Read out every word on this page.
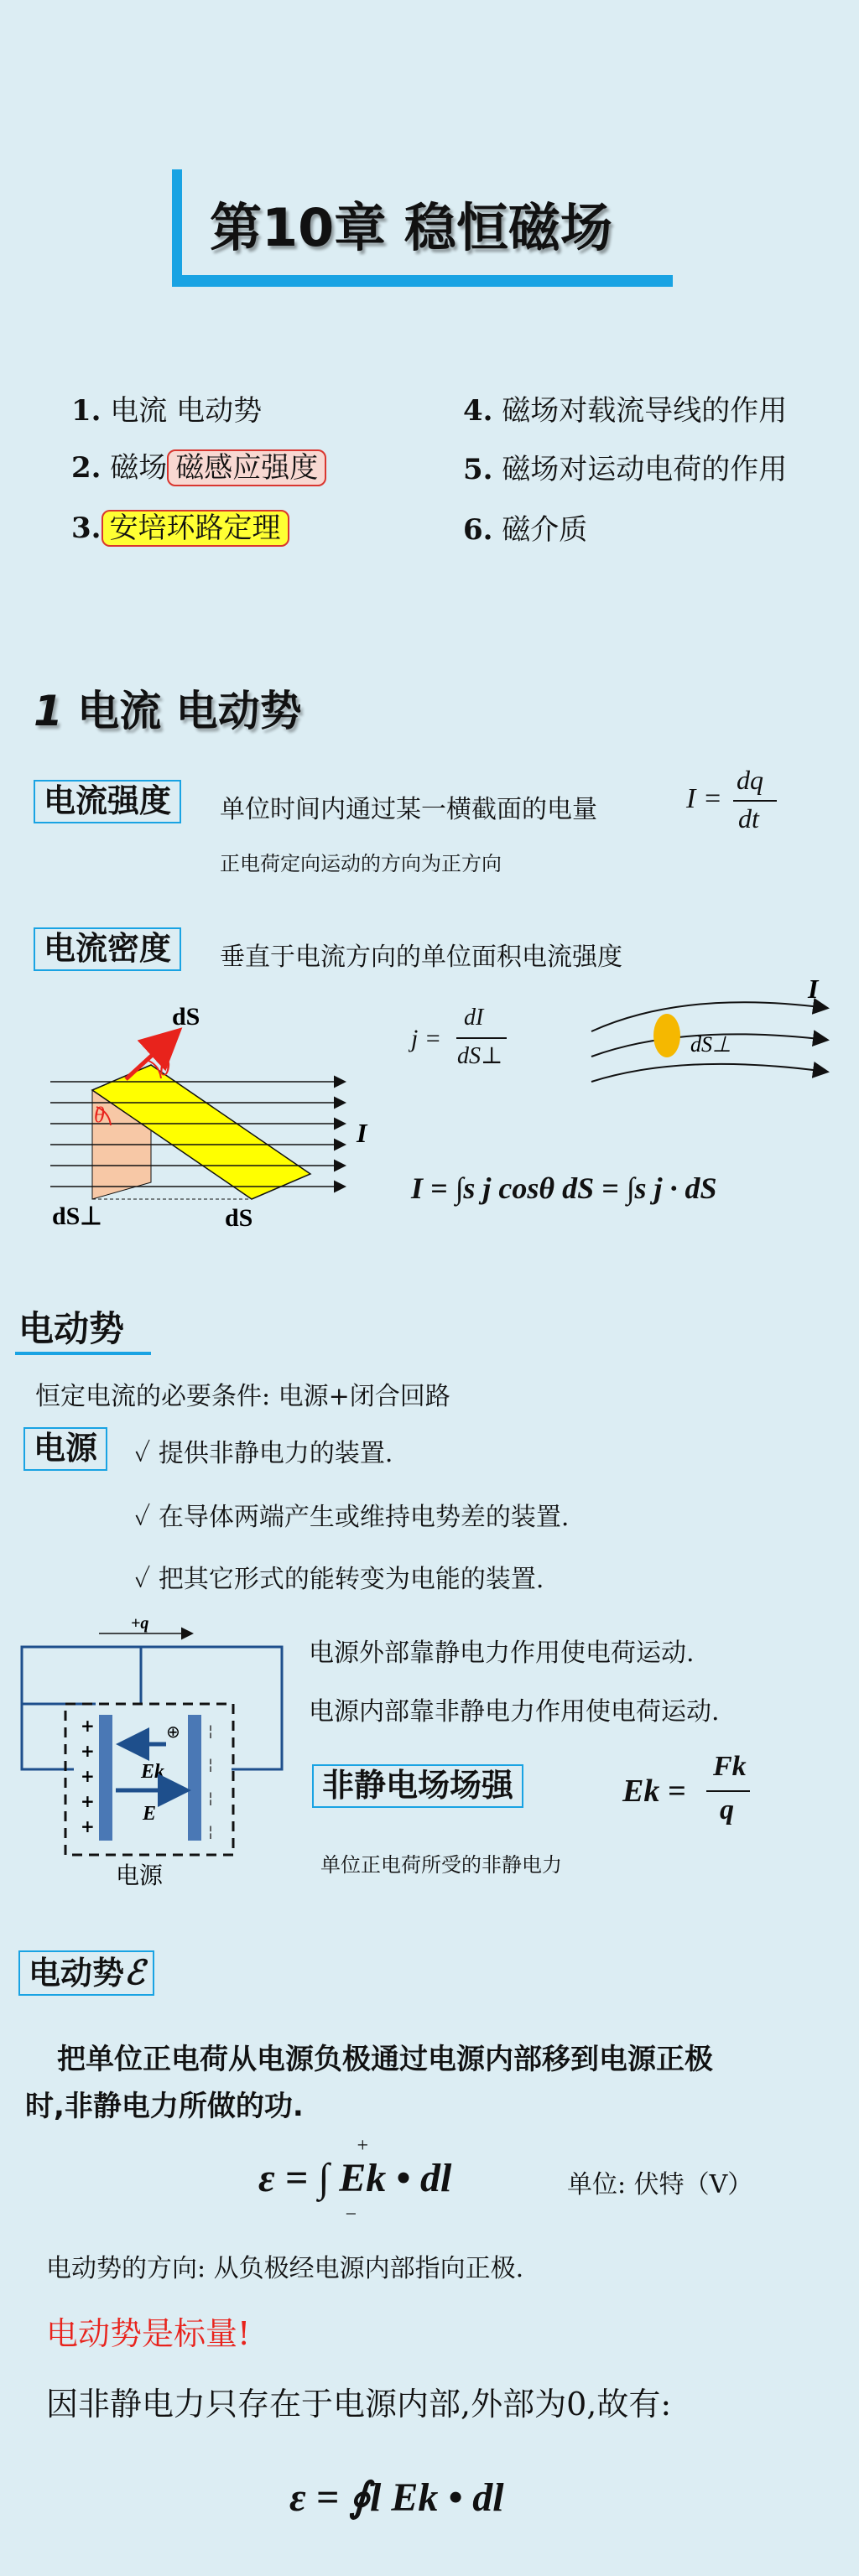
第10章 稳恒磁场
1. 电流 电动势
2. 磁场 磁感应强度
3. 安培环路定理
4. 磁场对载流导线的作用
5. 磁场对运动电荷的作用
6. 磁介质
1 电流 电动势
电流强度	单位时间内通过某一横截面的电量	I =
dq
dt
正电荷定向运动的方向为正方向
电流密度	垂直于电流方向的单位面积电流强度
dS
θ
θ
I
dS⊥	dS
j =
dI
dS⊥
I
dS⊥
I = ∫s j cosθ dS = ∫s j · dS
电动势
恒定电流的必要条件: 电源+闭合回路
电源	✓ 提供非静电力的装置.
✓ 在导体两端产生或维持电势差的装置.
✓ 把其它形式的能转变为电能的装置.
+q
+
+
+
+
+
¦
¦
¦
¦
⊕
Ek
E
电源
电源外部靠静电力作用使电荷运动.
电源内部靠非静电力作用使电荷运动.
非静电场场强	Ek =
Fk
q
单位正电荷所受的非静电力
电动势ℰ
把单位正电荷从电源负极通过电源内部移到电源正极
时,非静电力所做的功.
ε = ∫ Ek • dl
+
−
单位: 伏特（V）
电动势的方向: 从负极经电源内部指向正极.
电动势是标量!
因非静电力只存在于电源内部,外部为0,故有:
ε = ∮l Ek • dl
